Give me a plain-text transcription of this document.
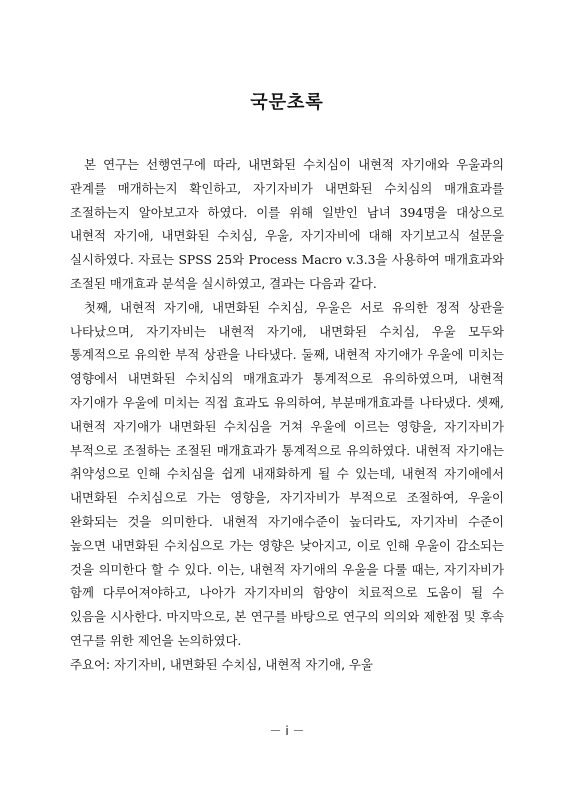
국문초록

본 연구는 선행연구에 따라, 내면화된 수치심이 내현적 자기애와 우울과의 관계를 매개하는지 확인하고, 자기자비가 내면화된 수치심의 매개효과를 조절하는지 알아보고자 하였다. 이를 위해 일반인 남녀 394명을 대상으로 내현적 자기애, 내면화된 수치심, 우울, 자기자비에 대해 자기보고식 설문을 실시하였다. 자료는 SPSS 25와 Process Macro v.3.3을 사용하여 매개효과와 조절된 매개효과 분석을 실시하였고, 결과는 다음과 같다.

첫째, 내현적 자기애, 내면화된 수치심, 우울은 서로 유의한 정적 상관을 나타났으며, 자기자비는 내현적 자기애, 내면화된 수치심, 우울 모두와 통계적으로 유의한 부적 상관을 나타냈다. 둘째, 내현적 자기애가 우울에 미치는 영향에서 내면화된 수치심의 매개효과가 통계적으로 유의하였으며, 내현적 자기애가 우울에 미치는 직접 효과도 유의하여, 부분매개효과를 나타냈다. 셋째, 내현적 자기애가 내면화된 수치심을 거쳐 우울에 이르는 영향을, 자기자비가 부적으로 조절하는 조절된 매개효과가 통계적으로 유의하였다. 내현적 자기애는 취약성으로 인해 수치심을 쉽게 내재화하게 될 수 있는데, 내현적 자기애에서 내면화된 수치심으로 가는 영향을, 자기자비가 부적으로 조절하여, 우울이 완화되는 것을 의미한다. 내현적 자기애수준이 높더라도, 자기자비 수준이 높으면 내면화된 수치심으로 가는 영향은 낮아지고, 이로 인해 우울이 감소되는 것을 의미한다 할 수 있다. 이는, 내현적 자기애의 우울을 다룰 때는, 자기자비가 함께 다루어져야하고, 나아가 자기자비의 함양이 치료적으로 도움이 될 수 있음을 시사한다. 마지막으로, 본 연구를 바탕으로 연구의 의의와 제한점 및 후속 연구를 위한 제언을 논의하였다.

주요어: 자기자비, 내면화된 수치심, 내현적 자기애, 우울

－ i －
